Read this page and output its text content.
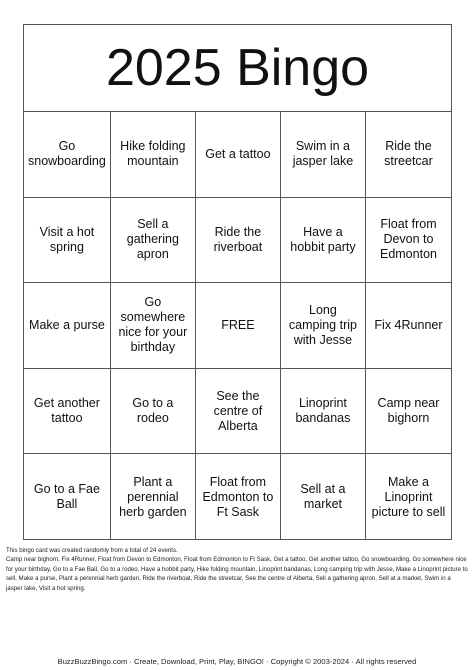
2025 Bingo
Go snowboarding
Hike folding mountain
Get a tattoo
Swim in a jasper lake
Ride the streetcar
Visit a hot spring
Sell a gathering apron
Ride the riverboat
Have a hobbit party
Float from Devon to Edmonton
Make a purse
Go somewhere nice for your birthday
FREE
Long camping trip with Jesse
Fix 4Runner
Get another tattoo
Go to a rodeo
See the centre of Alberta
Linoprint bandanas
Camp near bighorn
Go to a Fae Ball
Plant a perennial herb garden
Float from Edmonton to Ft Sask
Sell at a market
Make a Linoprint picture to sell
This bingo card was created randomly from a total of 24 events.
Camp near bighorn, Fix 4Runner, Float from Devon to Edmonton, Float from Edmonton to Ft Sask, Get a tattoo, Get another tattoo, Go snowboarding, Go somewhere nice for your birthday, Go to a Fae Ball, Go to a rodeo, Have a hobbit party, Hike folding mountain, Linoprint bandanas, Long camping trip with Jesse, Make a Linoprint picture to sell, Make a purse, Plant a perennial herb garden, Ride the riverboat, Ride the streetcar, See the centre of Alberta, Sell a gathering apron, Sell at a market, Swim in a jasper lake, Visit a hot spring.
BuzzBuzzBingo.com · Create, Download, Print, Play, BINGO! · Copyright © 2003-2024 · All rights reserved
